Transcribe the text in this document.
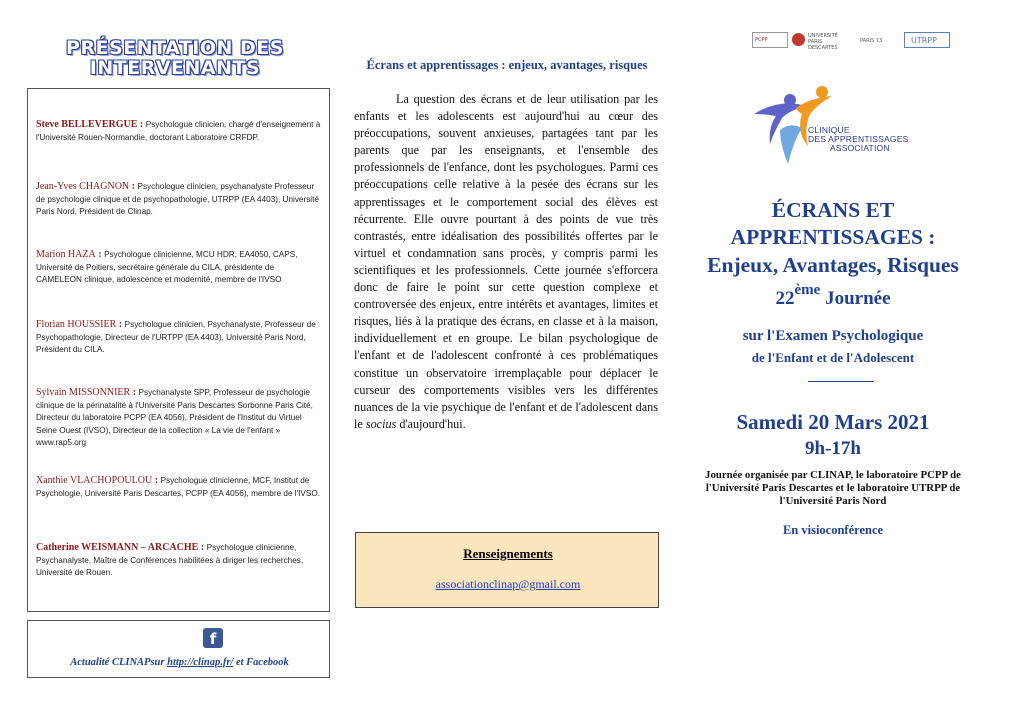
PRÉSENTATION DES
INTERVENANTS
Steve BELLEVERGUE : Psychologue clinicien, chargé d'enseignement à l'Université Rouen-Normandie, doctorant Laboratoire CRFDP.
Jean-Yves CHAGNON : Psychologue clinicien, psychanalyste Professeur de psychologie clinique et de psychopathologie, UTRPP (EA 4403), Université Paris Nord, Président de Clinap.
Marion HAZA : Psychologue clinicienne, MCU HDR, EA4050, CAPS, Université de Poitiers, secrétaire générale du CILA, présidente de CAMELEON clinique, adolescence et modernité, membre de l'IVSO
Florian HOUSSIER : Psychologue clinicien, Psychanalyste, Professeur de Psychopathologie, Directeur de l'URTPP (EA 4403), Université Paris Nord, Président du CILA.
Sylvain MISSONNIER : Psychanalyste SPP, Professeur de psychologie clinique de la périnatalité à l'Université Paris Descartes Sorbonne Paris Cité, Directeur du laboratoire PCPP (EA 4056), Président de l'Institut du Virtuel Seine Ouest (IVSO), Directeur de la collection « La vie de l'enfant » www.rap5.org
Xanthie VLACHOPOULOU : Psychologue clinicienne, MCF, Institut de Psychologie, Université Paris Descartes, PCPP (EA 4056), membre de l'IVSO.
Catherine WEISMANN – ARCACHE : Psychologue clinicienne, Psychanalyste, Maître de Conférences habilitées à diriger les recherches, Université de Rouen.
f
Actualité CLINAPsur http://clinap.fr/ et Facebook
Écrans et apprentissages : enjeux, avantages, risques
La question des écrans et de leur utilisation par les enfants et les adolescents est aujourd'hui au cœur des préoccupations, souvent anxieuses, partagées tant par les parents que par les enseignants, et l'ensemble des professionnels de l'enfance, dont les psychologues. Parmi ces préoccupations celle relative à la pesée des écrans sur les apprentissages et le comportement social des élèves est récurrente. Elle ouvre pourtant à des points de vue très contrastés, entre idéalisation des possibilités offertes par le virtuel et condamnation sans procès, y compris parmi les scientifiques et les professionnels. Cette journée s'efforcera donc de faire le point sur cette question complexe et controversée des enjeux, entre intérêts et avantages, limites et risques, liés à la pratique des écrans, en classe et à la maison, individuellement et en groupe. Le bilan psychologique de l'enfant et de l'adolescent confronté à ces problématiques constitue un observatoire irremplaçable pour déplacer le curseur des comportements visibles vers les différentes nuances de la vie psychique de l'enfant et de l'adolescent dans le socius d'aujourd'hui.
Renseignements
associationclinap@gmail.com
PCPP
UNIVERSITÉ PARIS DESCARTES
PARIS 13	UTRPP
CLINIQUE
DES APPRENTISSAGES
ASSOCIATION
ÉCRANS ET
APPRENTISSAGES :
Enjeux, Avantages, Risques
22ème Journée
sur l'Examen Psychologique
de l'Enfant et de l'Adolescent
Samedi 20 Mars 2021
9h-17h
Journée organisée par CLINAP, le laboratoire PCPP de l'Université Paris Descartes et le laboratoire UTRPP de l'Université Paris Nord
En visioconférence
